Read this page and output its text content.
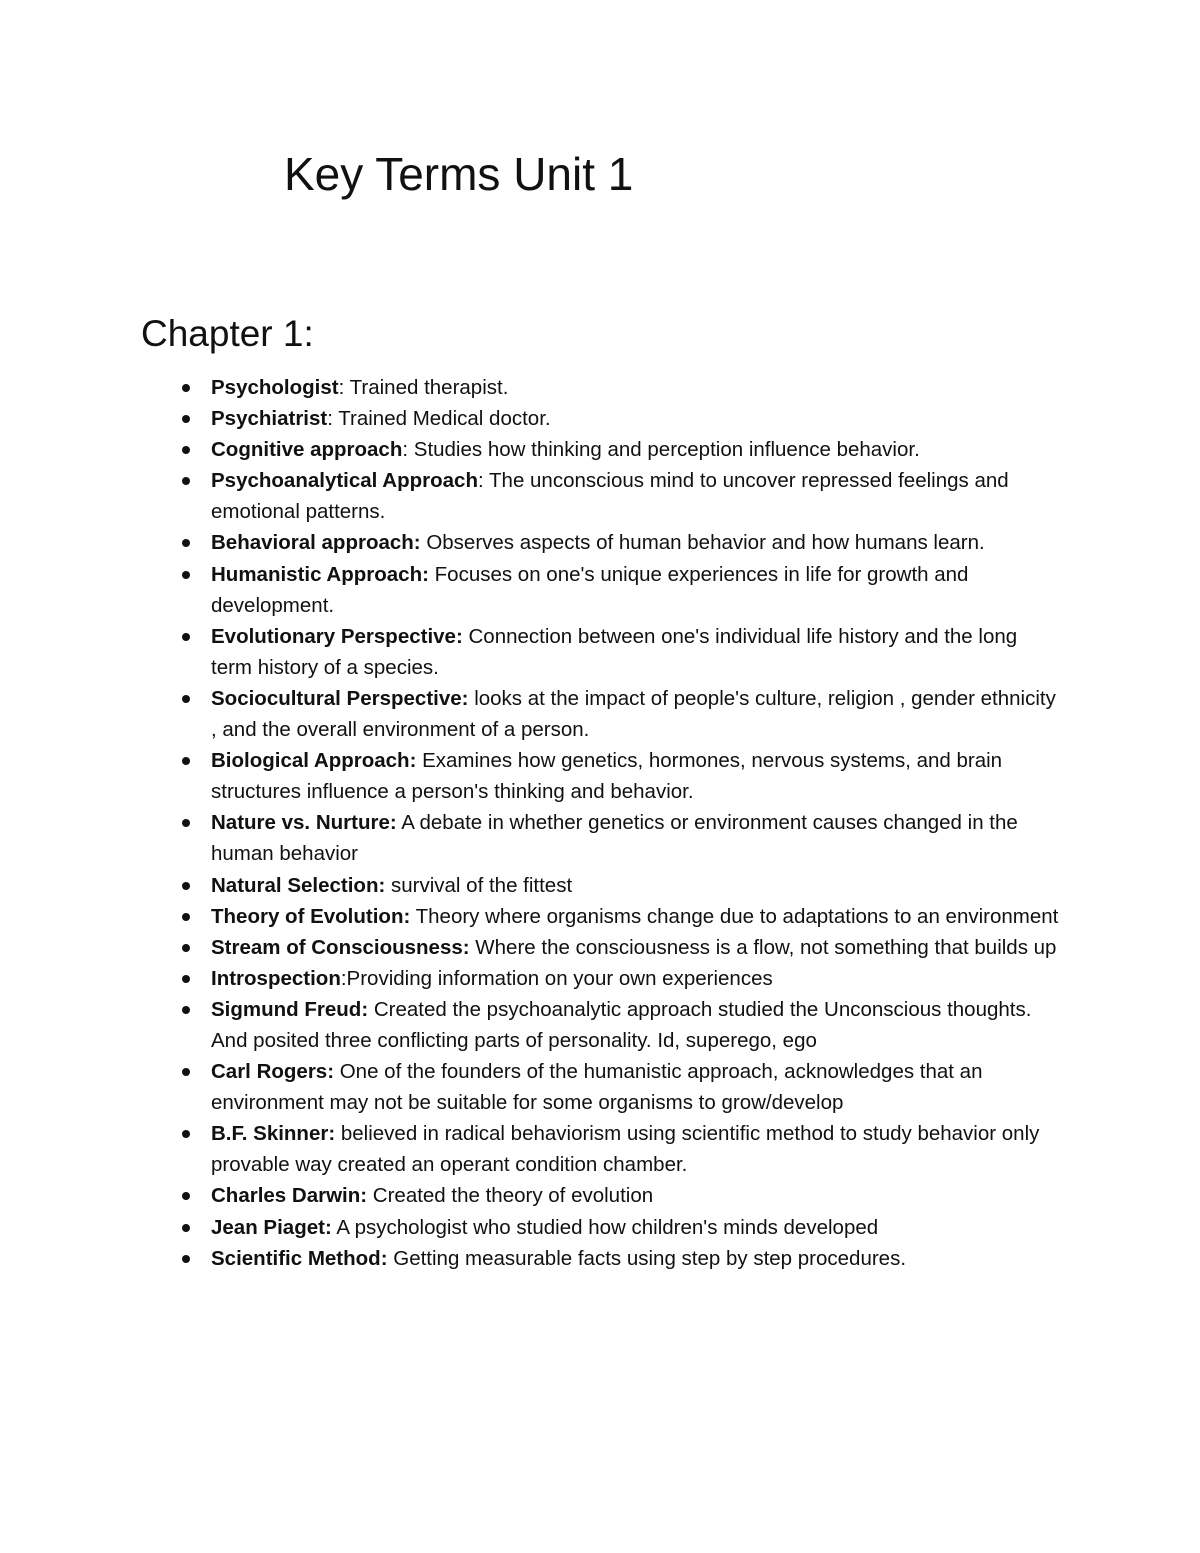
Key Terms Unit 1
Chapter 1:
Psychologist: Trained therapist.
Psychiatrist: Trained Medical doctor.
Cognitive approach: Studies how thinking and perception influence behavior.
Psychoanalytical Approach: The unconscious mind to uncover repressed feelings and emotional patterns.
Behavioral approach: Observes aspects of human behavior and how humans learn.
Humanistic Approach: Focuses on one's unique experiences in life for growth and development.
Evolutionary Perspective: Connection between one's individual life history and the long term history of a species.
Sociocultural Perspective: looks at the impact of people's culture, religion , gender ethnicity , and the overall environment of a person.
Biological Approach: Examines how genetics, hormones, nervous systems, and brain structures influence a person's thinking and behavior.
Nature vs. Nurture: A debate in whether genetics or environment causes changed in the human behavior
Natural Selection: survival of the fittest
Theory of Evolution: Theory where organisms change due to adaptations to an environment
Stream of Consciousness: Where the consciousness is a flow, not something that builds up
Introspection:Providing information on your own experiences
Sigmund Freud: Created the psychoanalytic approach studied the Unconscious thoughts. And posited three conflicting parts of personality. Id, superego, ego
Carl Rogers: One of the founders of the humanistic approach, acknowledges that an environment may not be suitable for some organisms to grow/develop
B.F. Skinner: believed in radical behaviorism using scientific method to study behavior only provable way created an operant condition chamber.
Charles Darwin: Created the theory of evolution
Jean Piaget: A psychologist who studied how children's minds developed
Scientific Method: Getting measurable facts using step by step procedures.
